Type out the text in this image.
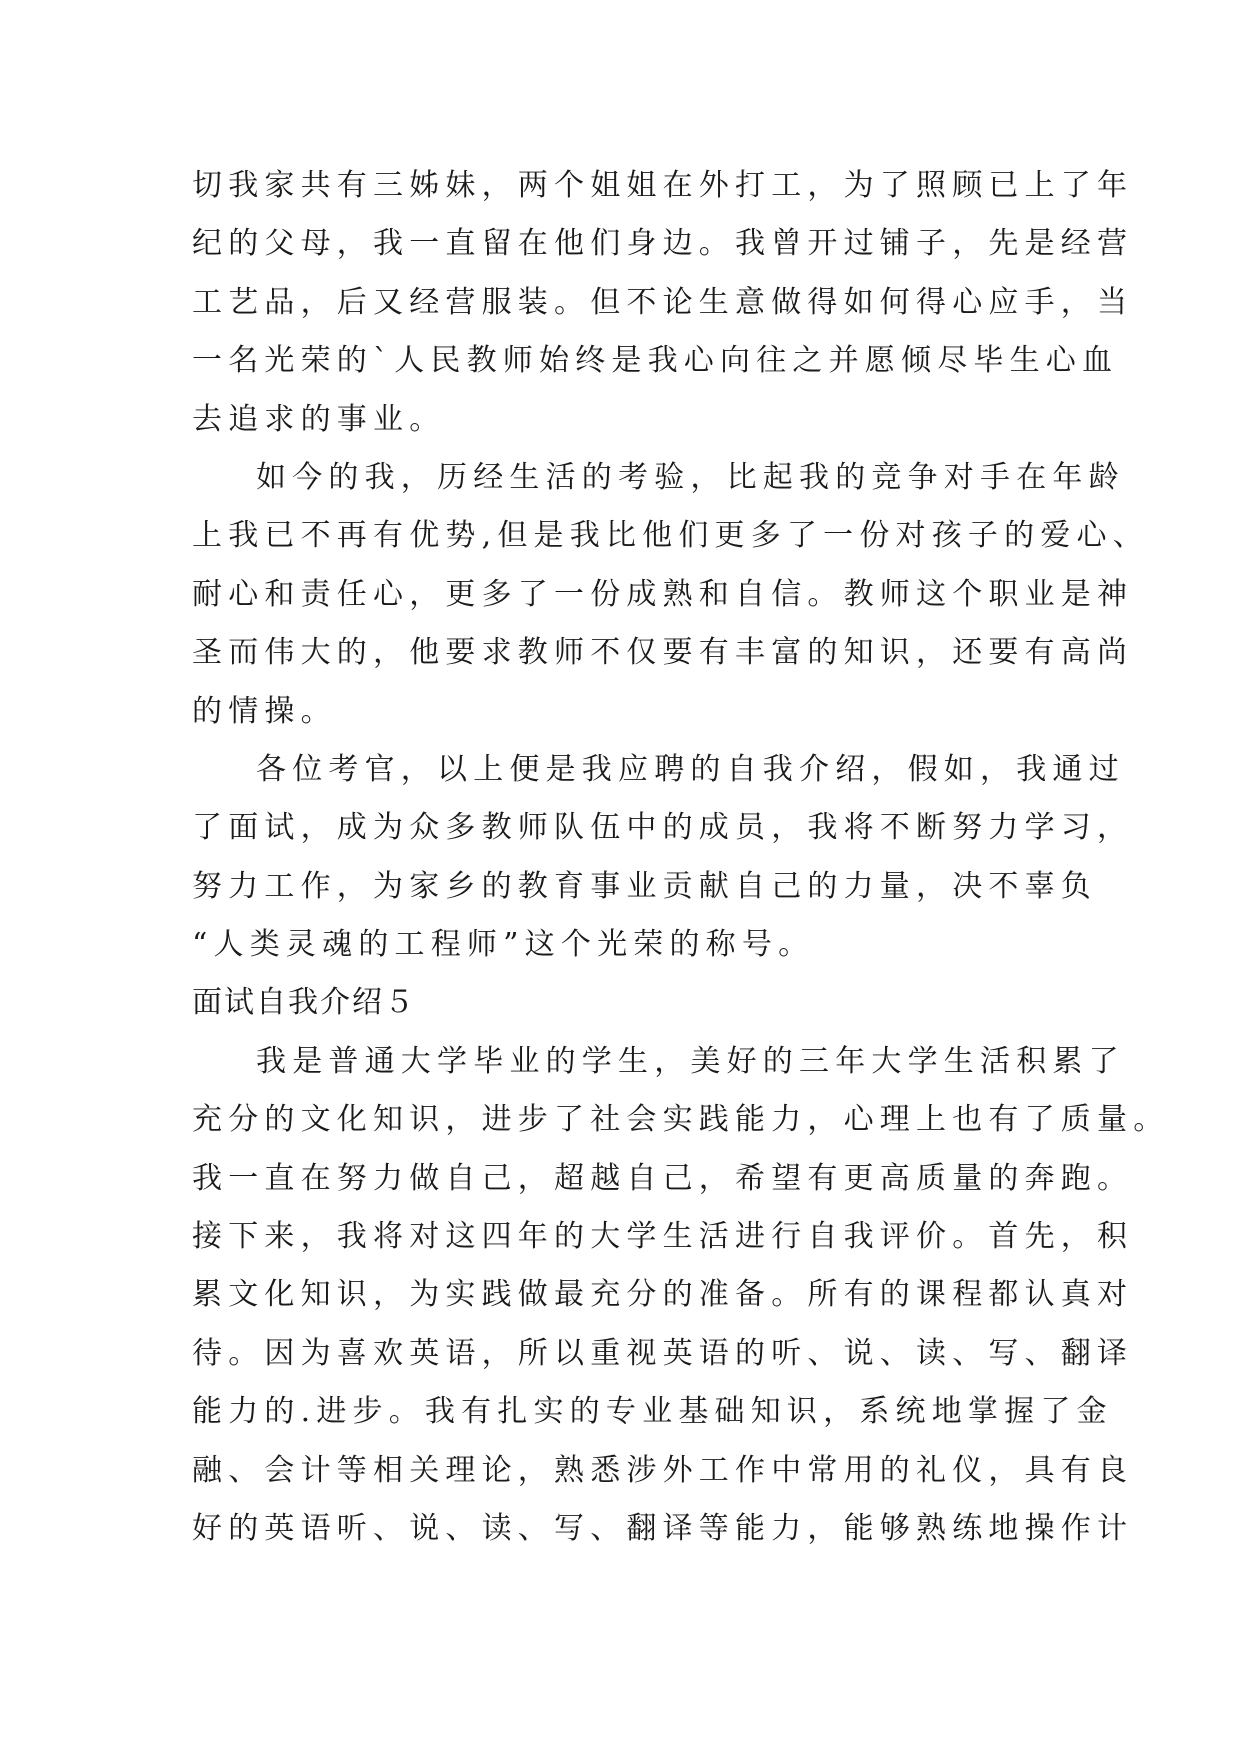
切我家共有三姊妹，两个姐姐在外打工，为了照顾已上了年
纪的父母，我一直留在他们身边。我曾开过铺子，先是经营
工艺品，后又经营服装。但不论生意做得如何得心应手，当
一名光荣的`人民教师始终是我心向往之并愿倾尽毕生心血
去追求的事业。
如今的我，历经生活的考验，比起我的竞争对手在年龄
上我已不再有优势,但是我比他们更多了一份对孩子的爱心、
耐心和责任心，更多了一份成熟和自信。教师这个职业是神
圣而伟大的，他要求教师不仅要有丰富的知识，还要有高尚
的情操。
各位考官，以上便是我应聘的自我介绍，假如，我通过
了面试，成为众多教师队伍中的成员，我将不断努力学习，
努力工作，为家乡的教育事业贡献自己的力量，决不辜负
“人类灵魂的工程师”这个光荣的称号。
面试自我介绍５
我是普通大学毕业的学生，美好的三年大学生活积累了
充分的文化知识，进步了社会实践能力，心理上也有了质量。
我一直在努力做自己，超越自己，希望有更高质量的奔跑。
接下来，我将对这四年的大学生活进行自我评价。首先，积
累文化知识，为实践做最充分的准备。所有的课程都认真对
待。因为喜欢英语，所以重视英语的听、说、读、写、翻译
能力的.进步。我有扎实的专业基础知识，系统地掌握了金
融、会计等相关理论，熟悉涉外工作中常用的礼仪，具有良
好的英语听、说、读、写、翻译等能力，能够熟练地操作计
